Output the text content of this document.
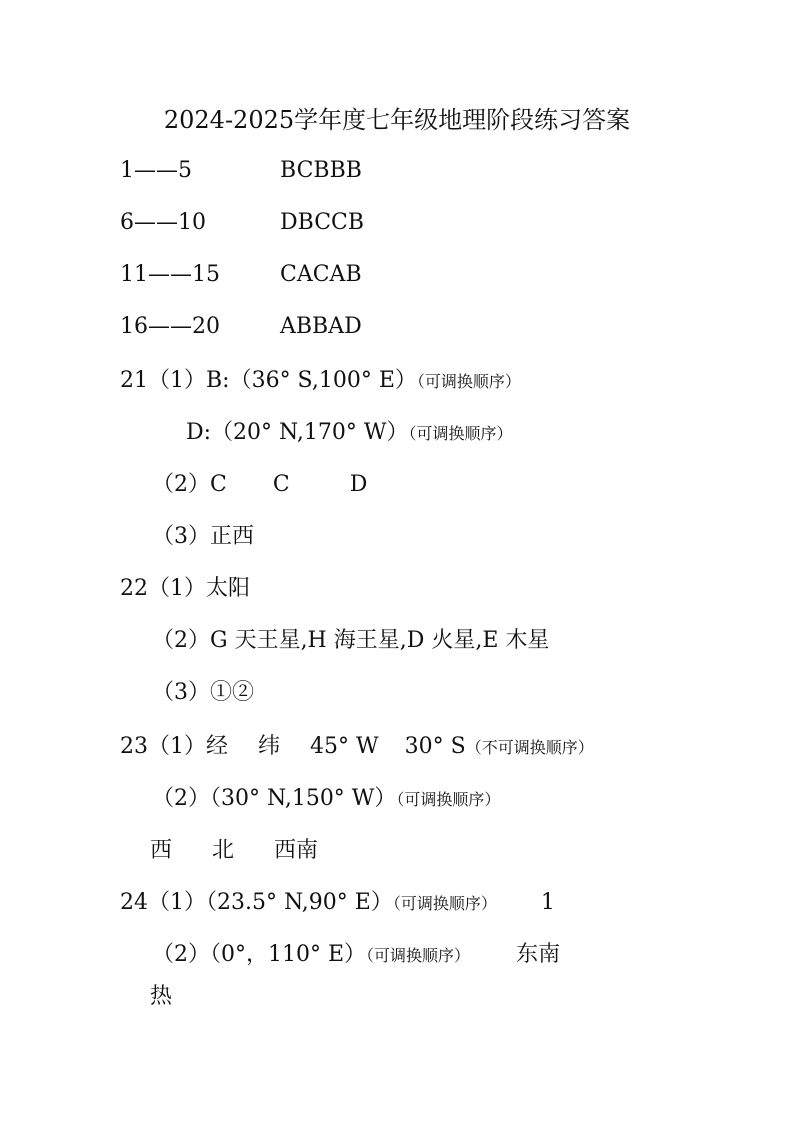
2024-2025学年度七年级地理阶段练习答案
1——5	BCBBB
6——10	DBCCB
11——15	CACAB
16——20	ABBAD
21（1）B:（36° S,100° E）（可调换顺序）
D:（20° N,170° W）（可调换顺序）
（2）C C	D
（3）正西
22（1）太阳
（2）G 天王星,H 海王星,D 火星,E 木星
（3）①②
23（1）经 纬 45° W 30° S（不可调换顺序）
（2）（30° N,150° W）（可调换顺序）
西 北 西南
24（1）（23.5° N,90° E）（可调换顺序） 1
（2）（0°，110° E）（可调换顺序） 东南
热
